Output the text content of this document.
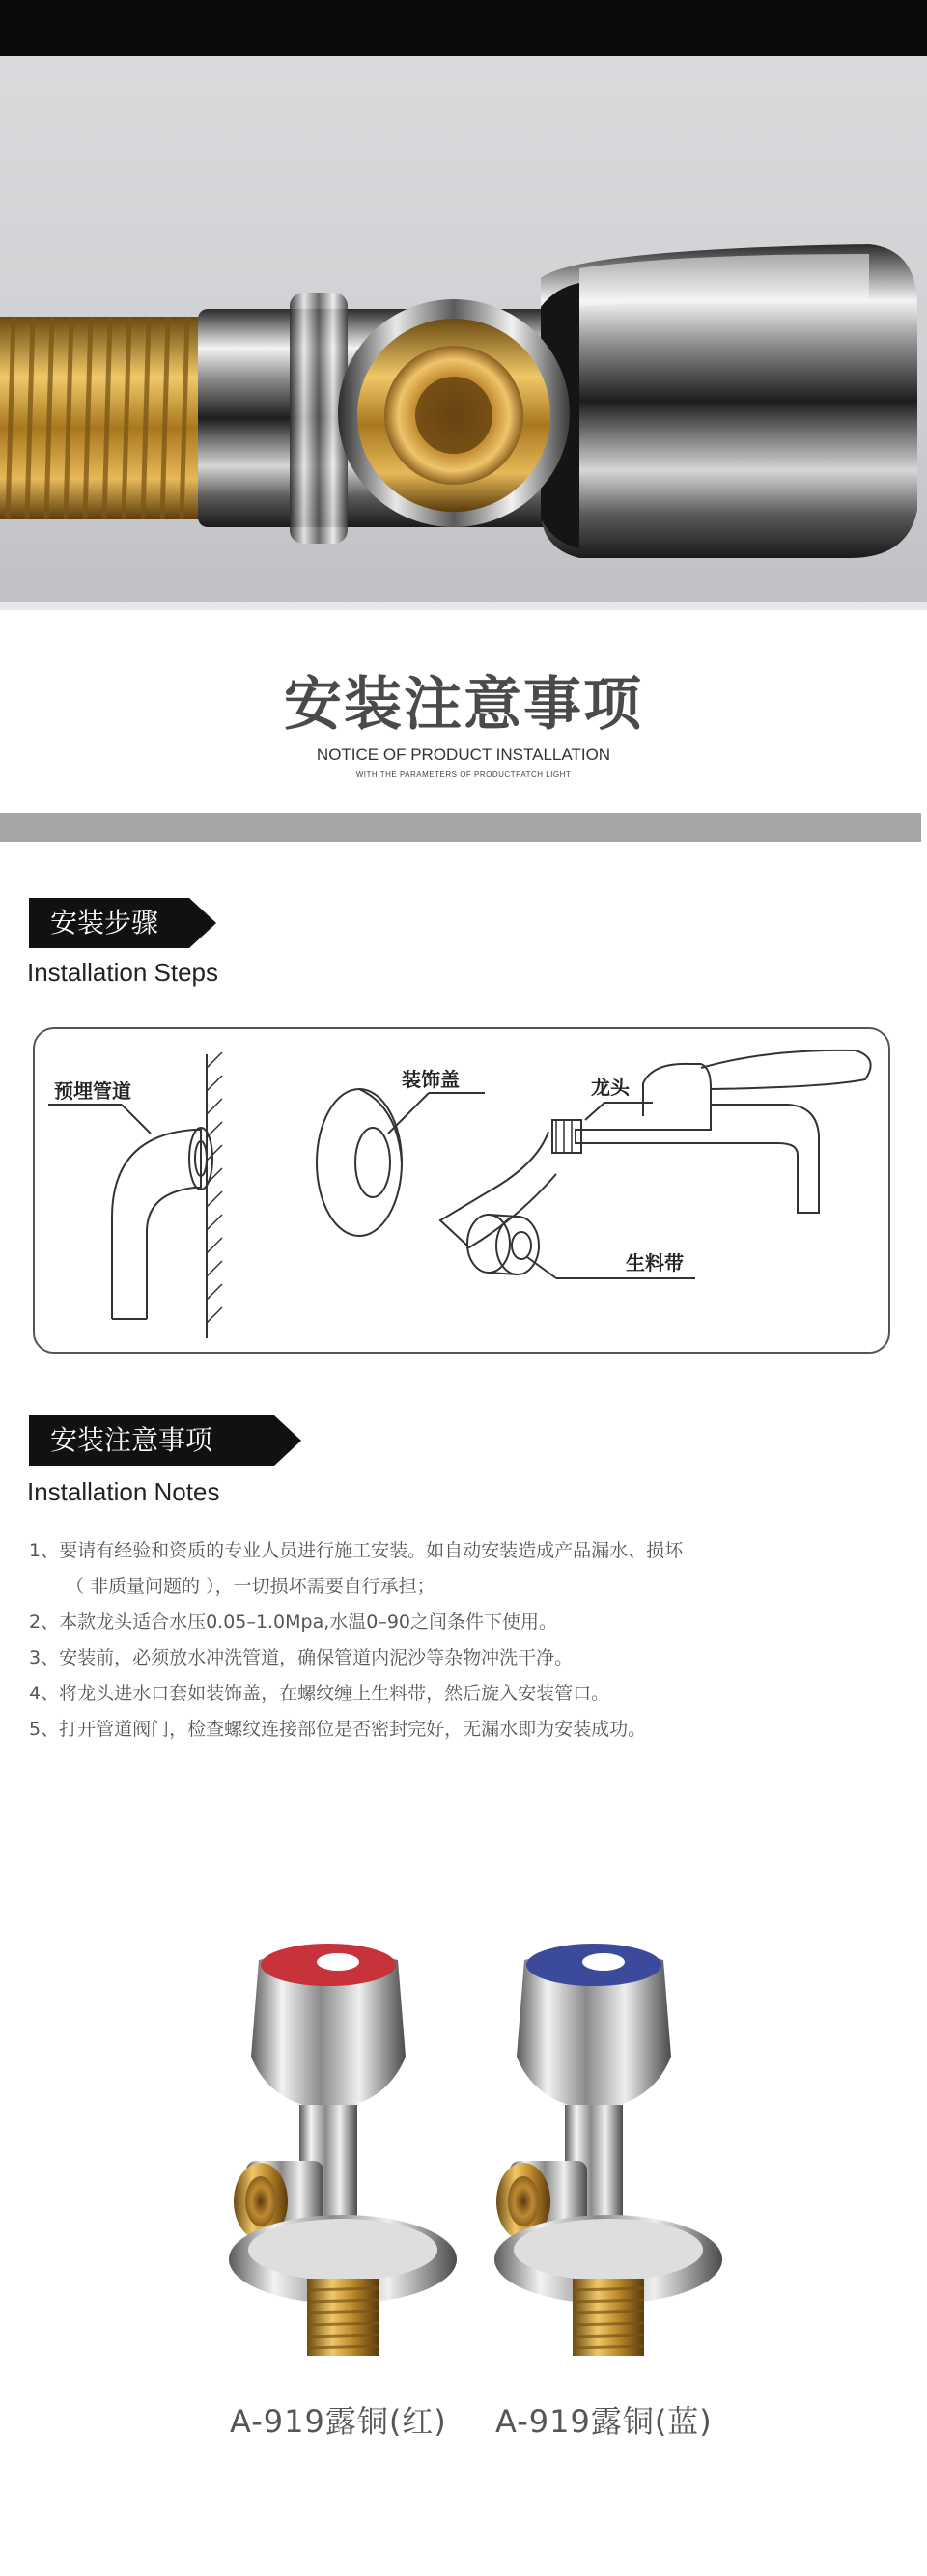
安装注意事项
NOTICE OF PRODUCT INSTALLATION
WITH THE PARAMETERS OF PRODUCTPATCH LIGHT
安装步骤
Installation Steps
预埋管道	装饰盖	龙头
生料带
安装注意事项
Installation Notes
1、要请有经验和资质的专业人员进行施工安装。如自动安装造成产品漏水、损坏
（ 非质量问题的 ），一切损坏需要自行承担；
2、本款龙头适合水压0.05–1.0Mpa,水温0–90之间条件下使用。
3、安装前，必须放水冲洗管道，确保管道内泥沙等杂物冲洗干净。
4、将龙头进水口套如装饰盖，在螺纹缠上生料带，然后旋入安装管口。
5、打开管道阀门，检查螺纹连接部位是否密封完好，无漏水即为安装成功。
A-919露铜(红) A-919露铜(蓝)
